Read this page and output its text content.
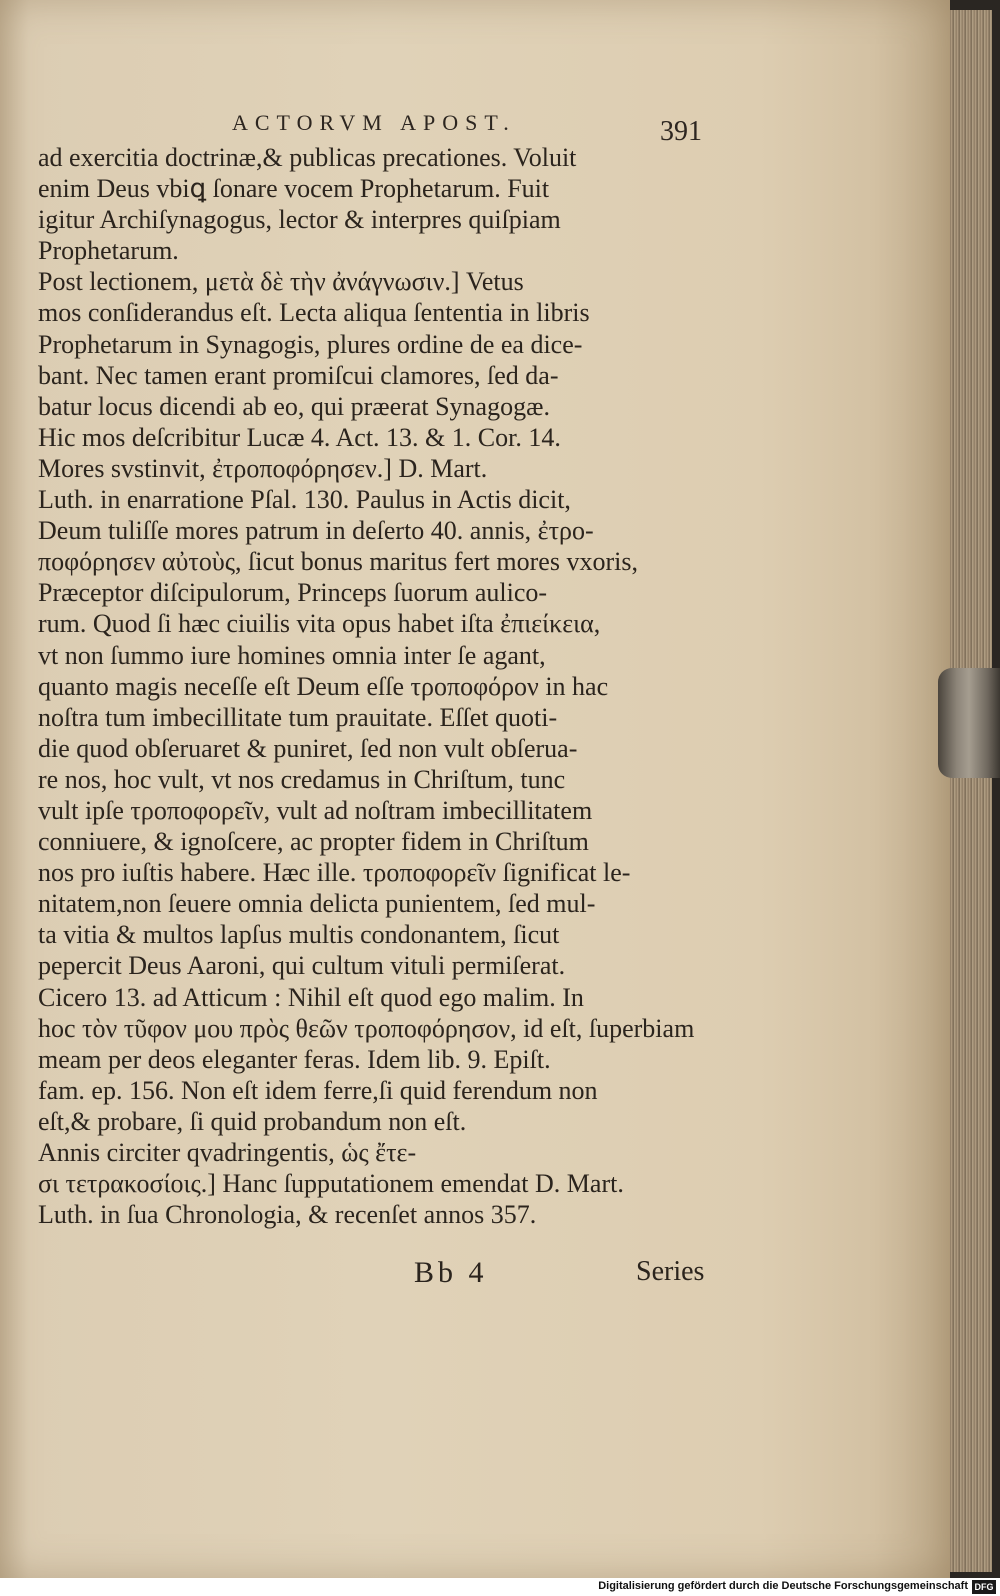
ACTORVM APOST.	391
ad exercitia doctrinæ,& publicas precationes. Voluit
enim Deus vbiꝗ ſonare vocem Prophetarum. Fuit
igitur Archiſynagogus, lector & interpres quiſpiam
Prophetarum.
Post lectionem, μετὰ δὲ τὴν ἀνάγνωσιν.] Vetus
mos conſiderandus eſt. Lecta aliqua ſententia in libris
Prophetarum in Synagogis, plures ordine de ea dice-
bant. Nec tamen erant promiſcui clamores, ſed da-
batur locus dicendi ab eo, qui præerat Synagogæ.
Hic mos deſcribitur Lucæ 4. Act. 13. & 1. Cor. 14.
Mores svstinvit, ἐτροποφόρησεν.] D. Mart.
Luth. in enarratione Pſal. 130. Paulus in Actis dicit,
Deum tuliſſe mores patrum in deſerto 40. annis, ἐτρο-
ποφόρησεν αὐτοὺς, ſicut bonus maritus fert mores vxoris,
Præceptor diſcipulorum, Princeps ſuorum aulico-
rum. Quod ſi hæc ciuilis vita opus habet iſta ἐπιείκεια,
vt non ſummo iure homines omnia inter ſe agant,
quanto magis neceſſe eſt Deum eſſe τροποφόρον in hac
noſtra tum imbecillitate tum prauitate. Eſſet quoti-
die quod obſeruaret & puniret, ſed non vult obſerua-
re nos, hoc vult, vt nos credamus in Chriſtum, tunc
vult ipſe τροποφορεῖν, vult ad noſtram imbecillitatem
conniuere, & ignoſcere, ac propter fidem in Chriſtum
nos pro iuſtis habere. Hæc ille. τροποφορεῖν ſignificat le-
nitatem,non ſeuere omnia delicta punientem, ſed mul-
ta vitia & multos lapſus multis condonantem, ſicut
pepercit Deus Aaroni, qui cultum vituli permiſerat.
Cicero 13. ad Atticum : Nihil eſt quod ego malim. In
hoc τὸν τῦφον μου πρὸς θεῶν τροποφόρησον, id eſt, ſuperbiam
meam per deos eleganter feras. Idem lib. 9. Epiſt.
fam. ep. 156. Non eſt idem ferre,ſi quid ferendum non
eſt,& probare, ſi quid probandum non eſt.
Annis circiter qvadringentis, ὡς ἔτε-
σι τετρακοσίοις.] Hanc ſupputationem emendat D. Mart.
Luth. in ſua Chronologia, & recenſet annos 357.
Bb 4	Series
Digitalisierung gefördert durch die Deutsche Forschungsgemeinschaft DFG
